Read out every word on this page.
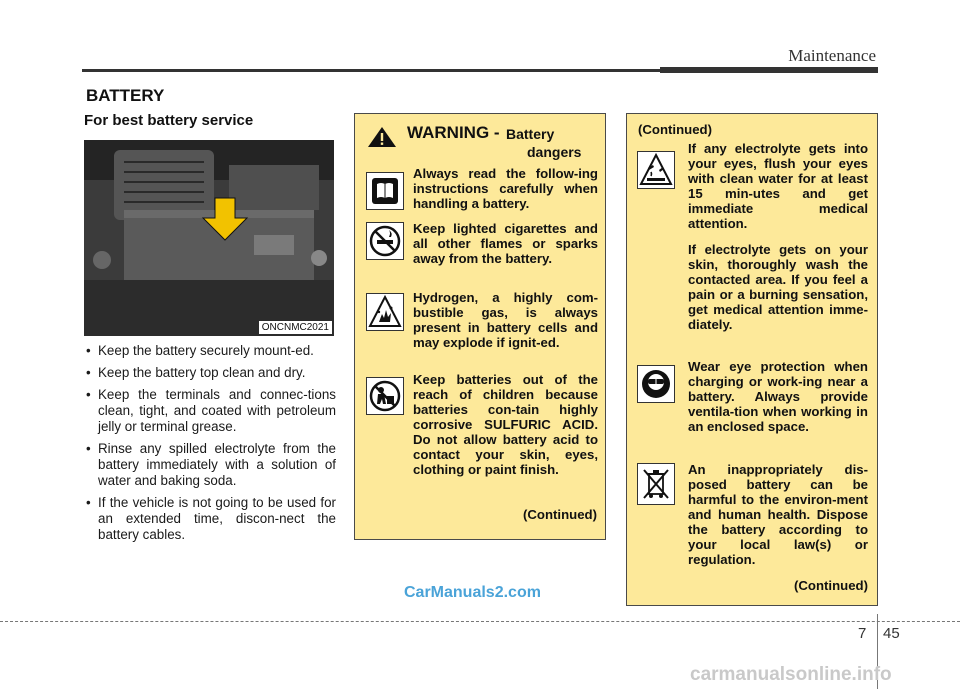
Maintenance
BATTERY
For best battery service
ONCNMC2021
• Keep the battery securely mount-ed.
• Keep the battery top clean and dry.
• Keep the terminals and connec-tions clean, tight, and coated with petroleum jelly or terminal grease.
• Rinse any spilled electrolyte from the battery immediately with a solution of water and baking soda.
• If the vehicle is not going to be used for an extended time, discon-nect the battery cables.
WARNING - Battery
dangers

Always read the follow-ing instructions carefully when handling a battery.

Keep lighted cigarettes and all other flames or sparks away from the battery.

Hydrogen, a highly com-bustible gas, is always present in battery cells and may explode if ignit-ed.

Keep batteries out of the reach of children because batteries con-tain highly corrosive SULFURIC ACID. Do not allow battery acid to contact your skin, eyes, clothing or paint finish.

(Continued)
(Continued)

If any electrolyte gets into your eyes, flush your eyes with clean water for at least 15 min-utes and get immediate medical attention.

If electrolyte gets on your skin, thoroughly wash the contacted area. If you feel a pain or a burning sensation, get medical attention imme-diately.

Wear eye protection when charging or work-ing near a battery. Always provide ventila-tion when working in an enclosed space.

An inappropriately dis-posed battery can be harmful to the environ-ment and human health. Dispose the battery according to your local law(s) or regulation.

(Continued)
CarManuals2.com
7 45
carmanualsonline.info
